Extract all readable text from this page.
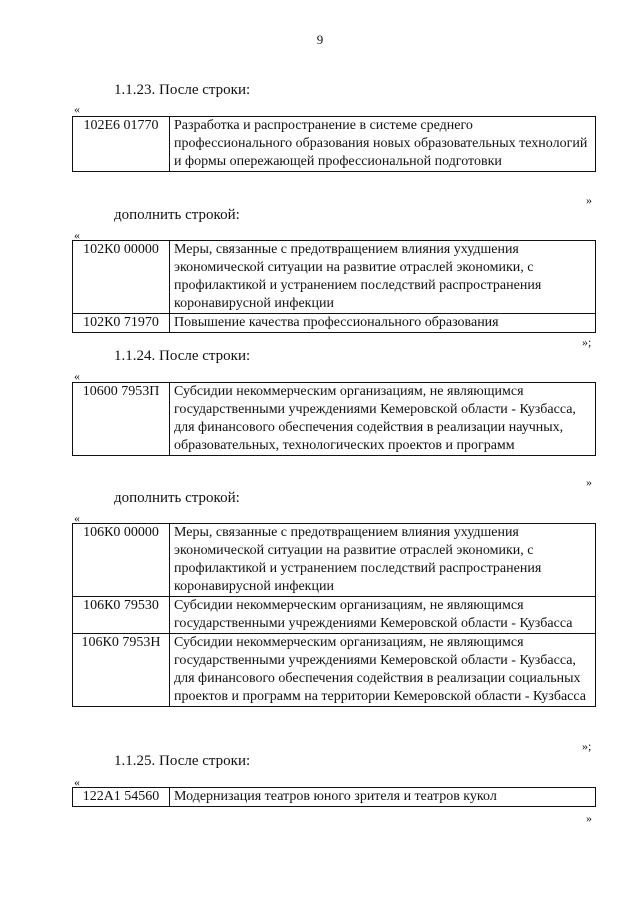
9
1.1.23. После строки:
«
102Е6 01770	Разработка и распространение в системе среднего профессионального образования новых образовательных технологий и формы опережающей профессиональной подготовки
»
дополнить строкой:
«
102К0 00000	Меры, связанные с предотвращением влияния ухудшения экономической ситуации на развитие отраслей экономики, с профилактикой и устранением последствий распространения коронавирусной инфекции
102К0 71970	Повышение качества профессионального образования
»;
1.1.24. После строки:
«
10600 7953П	Субсидии некоммерческим организациям, не являющимся государственными учреждениями Кемеровской области - Кузбасса, для финансового обеспечения содействия в реализации научных, образовательных, технологических проектов и программ
»
дополнить строкой:
«
106К0 00000	Меры, связанные с предотвращением влияния ухудшения экономической ситуации на развитие отраслей экономики, с профилактикой и устранением последствий распространения коронавирусной инфекции
106К0 79530	Субсидии некоммерческим организациям, не являющимся государственными учреждениями Кемеровской области - Кузбасса
106К0 7953Н	Субсидии некоммерческим организациям, не являющимся государственными учреждениями Кемеровской области - Кузбасса, для финансового обеспечения содействия в реализации социальных проектов и программ на территории Кемеровской области - Кузбасса
»;
1.1.25. После строки:
«
122А1 54560	Модернизация театров юного зрителя и театров кукол
»
